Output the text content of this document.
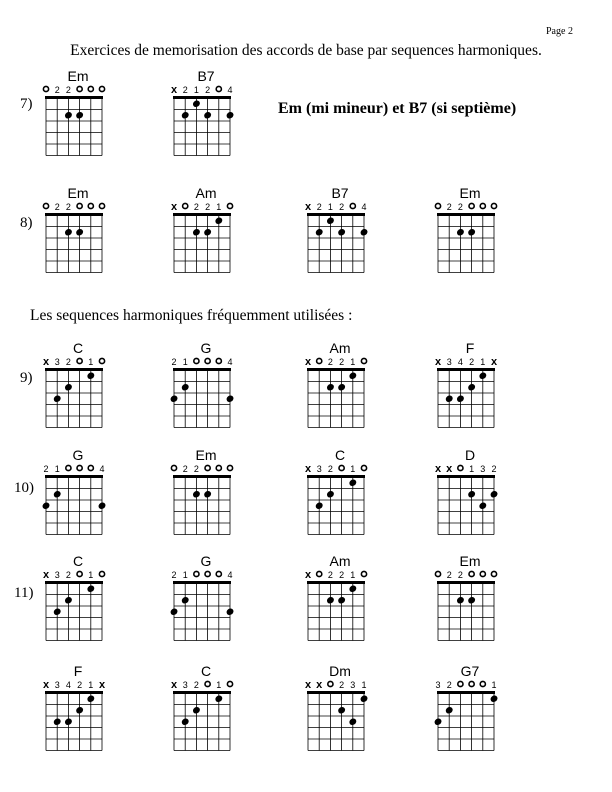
Page 2
Exercices de memorisation des accords de base par sequences harmoniques.
Em (mi mineur) et B7 (si septième)
Les sequences harmoniques fréquemment utilisées :
7)
Em
2 2
B7
x 2 1 2 4
8)
Em
2 2
Am
x 2 2 1
B7
x 2 1 2 4
Em
2 2
9)
C
x 3 2 1
G
2 1	4
Am
x 2 2 1
F
x 3 4 2 1 x
10)
G
2 1	4
Em
2 2
C
x 3 2 1
D
x x 1 3 2
11)
C
x 3 2 1
G
2 1	4
Am
x 2 2 1
Em
2 2
F
x 3 4 2 1 x
C
x 3 2 1
Dm
x x 2 3 1
G7
3 2	1
